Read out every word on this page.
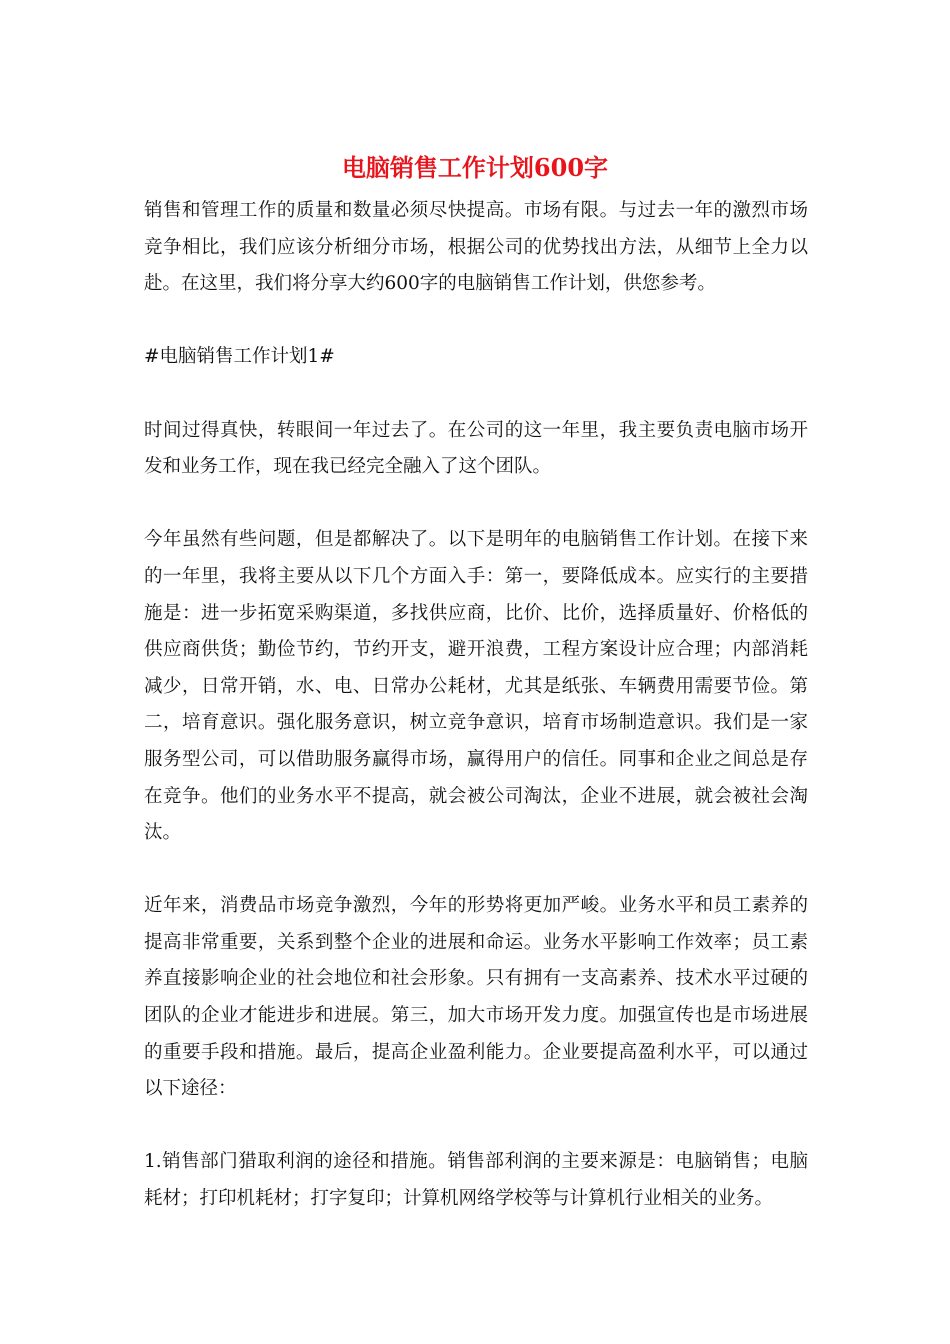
电脑销售工作计划600字

销售和管理工作的质量和数量必须尽快提高。市场有限。与过去一年的激烈市场竞争相比，我们应该分析细分市场，根据公司的优势找出方法，从细节上全力以赴。在这里，我们将分享大约600字的电脑销售工作计划，供您参考。

#电脑销售工作计划1#

时间过得真快，转眼间一年过去了。在公司的这一年里，我主要负责电脑市场开发和业务工作，现在我已经完全融入了这个团队。

今年虽然有些问题，但是都解决了。以下是明年的电脑销售工作计划。在接下来的一年里，我将主要从以下几个方面入手：第一，要降低成本。应实行的主要措施是：进一步拓宽采购渠道，多找供应商，比价、比价，选择质量好、价格低的供应商供货；勤俭节约，节约开支，避开浪费，工程方案设计应合理；内部消耗减少，日常开销，水、电、日常办公耗材，尤其是纸张、车辆费用需要节俭。第二，培育意识。强化服务意识，树立竞争意识，培育市场制造意识。我们是一家服务型公司，可以借助服务赢得市场，赢得用户的信任。同事和企业之间总是存在竞争。他们的业务水平不提高，就会被公司淘汰，企业不进展，就会被社会淘汰。

近年来，消费品市场竞争激烈，今年的形势将更加严峻。业务水平和员工素养的提高非常重要，关系到整个企业的进展和命运。业务水平影响工作效率；员工素养直接影响企业的社会地位和社会形象。只有拥有一支高素养、技术水平过硬的团队的企业才能进步和进展。第三，加大市场开发力度。加强宣传也是市场进展的重要手段和措施。最后，提高企业盈利能力。企业要提高盈利水平，可以通过以下途径：

1.销售部门猎取利润的途径和措施。销售部利润的主要来源是：电脑销售；电脑耗材；打印机耗材；打字复印；计算机网络学校等与计算机行业相关的业务。
